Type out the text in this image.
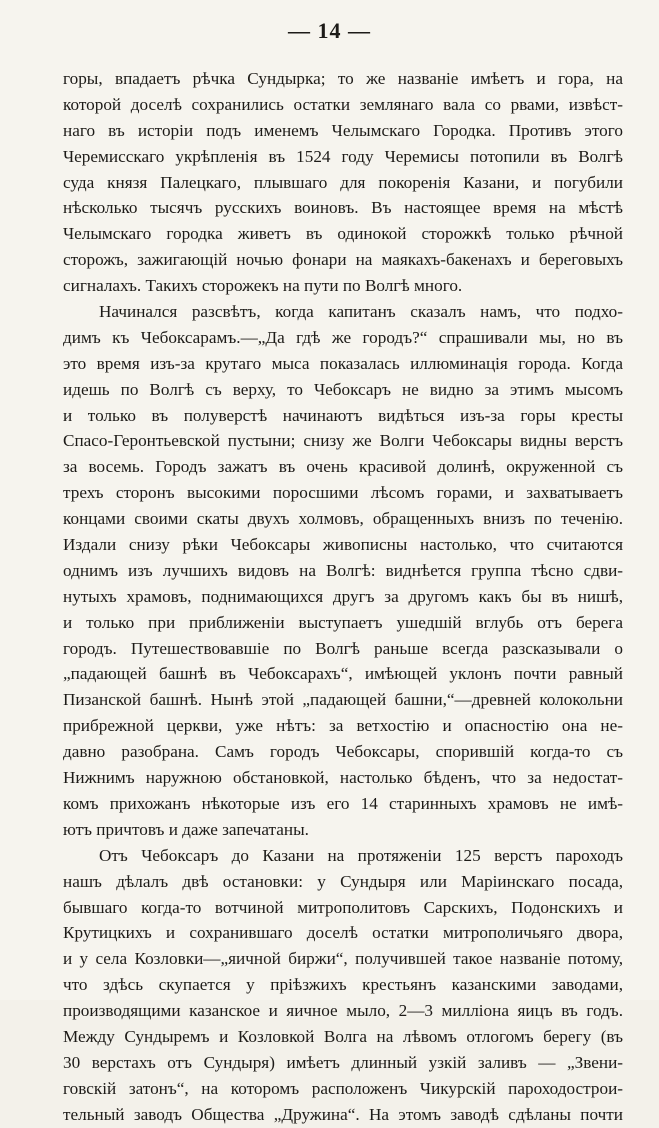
— 14 —
горы, впадаетъ рѣчка Сундырка; то же названіе имѣетъ и гора, на
которой доселѣ сохранились остатки землянаго вала со рвами, извѣст-
наго въ исторіи подъ именемъ Челымскаго Городка. Противъ этого
Черемисскаго укрѣпленія въ 1524 году Черемисы потопили въ Волгѣ
суда князя Палецкаго, плывшаго для покоренія Казани, и погубили
нѣсколько тысячъ русскихъ воиновъ. Въ настоящее время на мѣстѣ
Челымскаго городка живетъ въ одинокой сторожкѣ только рѣчной
сторожъ, зажигающій ночью фонари на маякахъ-бакенахъ и береговыхъ
сигналахъ. Такихъ сторожекъ на пути по Волгѣ много.
Начинался разсвѣтъ, когда капитанъ сказалъ намъ, что подхо-
димъ къ Чебоксарамъ.—„Да гдѣ же городъ?“ спрашивали мы, но въ
это время изъ-за крутаго мыса показалась иллюминація города. Когда
идешь по Волгѣ съ верху, то Чебоксаръ не видно за этимъ мысомъ
и только въ полуверстѣ начинаютъ видѣться изъ-за горы кресты
Спасо-Геронтьевской пустыни; снизу же Волги Чебоксары видны верстъ
за восемь. Городъ зажатъ въ очень красивой долинѣ, окруженной съ
трехъ сторонъ высокими поросшими лѣсомъ горами, и захватываетъ
концами своими скаты двухъ холмовъ, обращенныхъ внизъ по теченію.
Издали снизу рѣки Чебоксары живописны настолько, что считаются
однимъ изъ лучшихъ видовъ на Волгѣ: виднѣется группа тѣсно сдви-
нутыхъ храмовъ, поднимающихся другъ за другомъ какъ бы въ нишѣ,
и только при приближеніи выступаетъ ушедшій вглубь отъ берега
городъ. Путешествовавшіе по Волгѣ раньше всегда разсказывали о
„падающей башнѣ въ Чебоксарахъ“, имѣющей уклонъ почти равный
Пизанской башнѣ. Нынѣ этой „падающей башни,“—древней колокольни
прибрежной церкви, уже нѣтъ: за ветхостію и опасностію она не-
давно разобрана. Самъ городъ Чебоксары, спорившій когда-то съ
Нижнимъ наружною обстановкой, настолько бѣденъ, что за недостат-
комъ прихожанъ нѣкоторые изъ его 14 старинныхъ храмовъ не имѣ-
ютъ причтовъ и даже запечатаны.
Отъ Чебоксаръ до Казани на протяженіи 125 верстъ пароходъ
нашъ дѣлалъ двѣ остановки: у Сундыря или Маріинскаго посада,
бывшаго когда-то вотчиной митрополитовъ Сарскихъ, Подонскихъ и
Крутицкихъ и сохранившаго доселѣ остатки митрополичьяго двора,
и у села Козловки—„яичной биржи“, получившей такое названіе потому,
что здѣсь скупается у пріѣзжихъ крестьянъ казанскими заводами,
производящими казанское и яичное мыло, 2—3 милліона яицъ въ годъ.
Между Сундыремъ и Козловкой Волга на лѣвомъ отлогомъ берегу (въ
30 верстахъ отъ Сундыря) имѣетъ длинный узкій заливъ — „Звени-
говскій затонъ“, на которомъ расположенъ Чикурскій пароходострои-
тельный заводъ Общества „Дружина“. На этомъ заводѣ сдѣланы почти
